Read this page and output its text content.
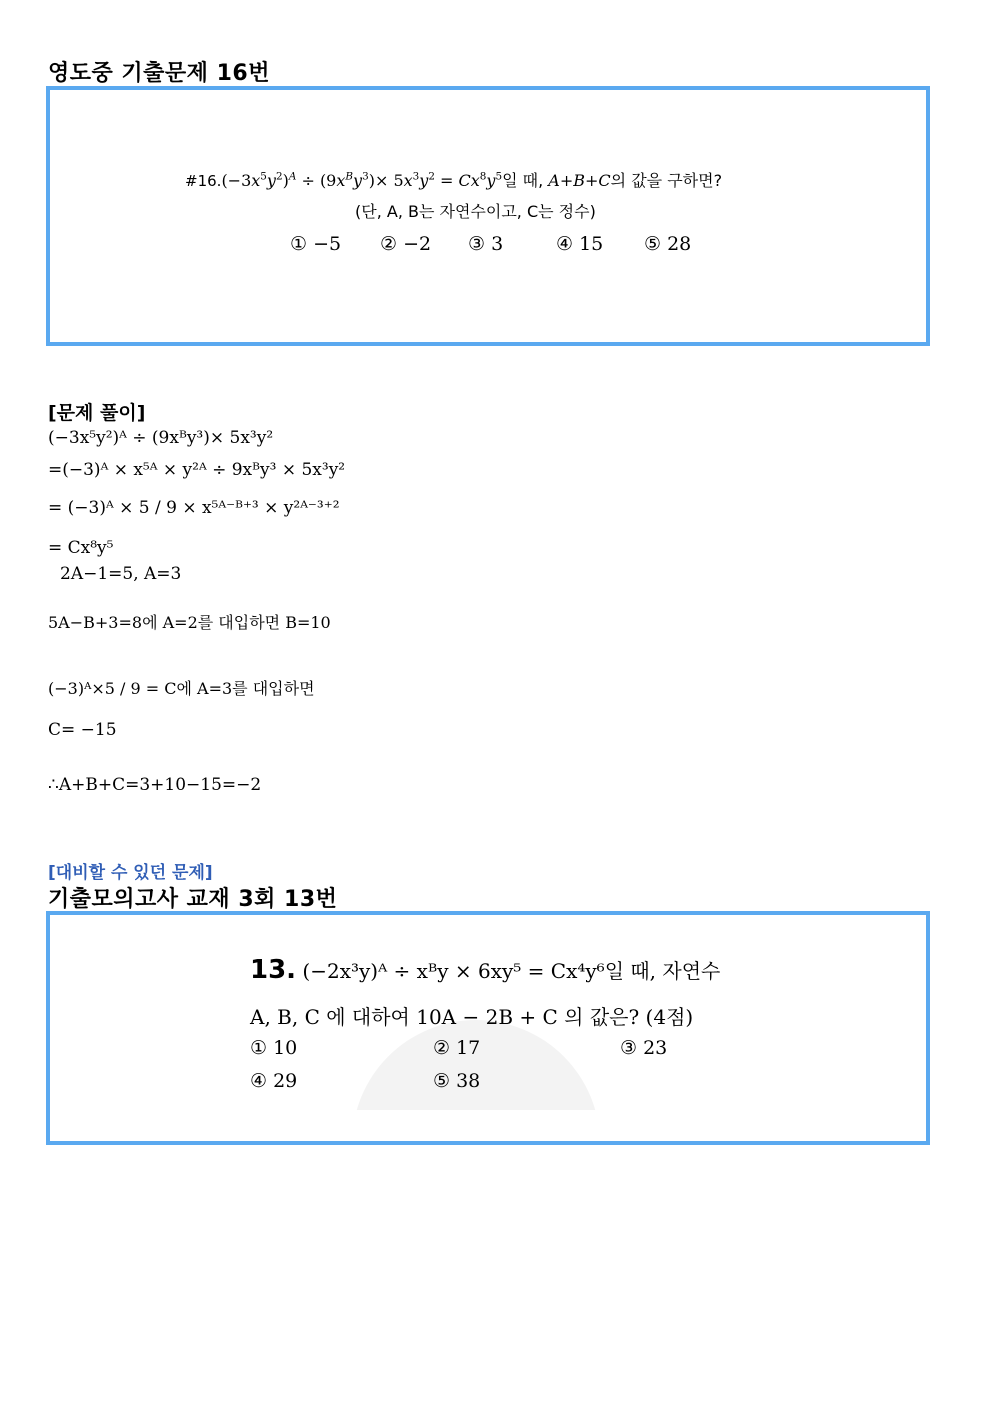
영도중 기출문제 16번
$\#16.(-3x^5y^2)^A \div (9x^By^3)\times 5x^3y^2 = Cx^8y^5$일 때, A+B+C의 값을 구하면?
(단, A, B는 자연수이고, C는 정수)
① −5 ② −2 ③ 3	④ 15 ⑤ 28
[문제 풀이]
(−3x⁵y²)ᴬ ÷ (9xᴮy³)× 5x³y²
=(−3)ᴬ × x⁵ᴬ × y²ᴬ ÷ 9xᴮy³ × 5x³y²
= (−3)ᴬ × 5 / 9 × x⁵ᴬ⁻ᴮ⁺³ × y²ᴬ⁻³⁺²
= Cx⁸y⁵
2A−1=5, A=3
5A−B+3=8에 A=2를 대입하면 B=10
(−3)ᴬ×5 / 9 = C에 A=3를 대입하면
C= −15
∴A+B+C=3+10−15=−2
[대비할 수 있던 문제]
기출모의고사 교재 3회 13번
13. (−2x³y)ᴬ ÷ xᴮy × 6xy⁵ = Cx⁴y⁶일 때, 자연수
A, B, C 에 대하여 10A − 2B + C 의 값은? (4점)
① 10	② 17	③ 23
④ 29	⑤ 38
